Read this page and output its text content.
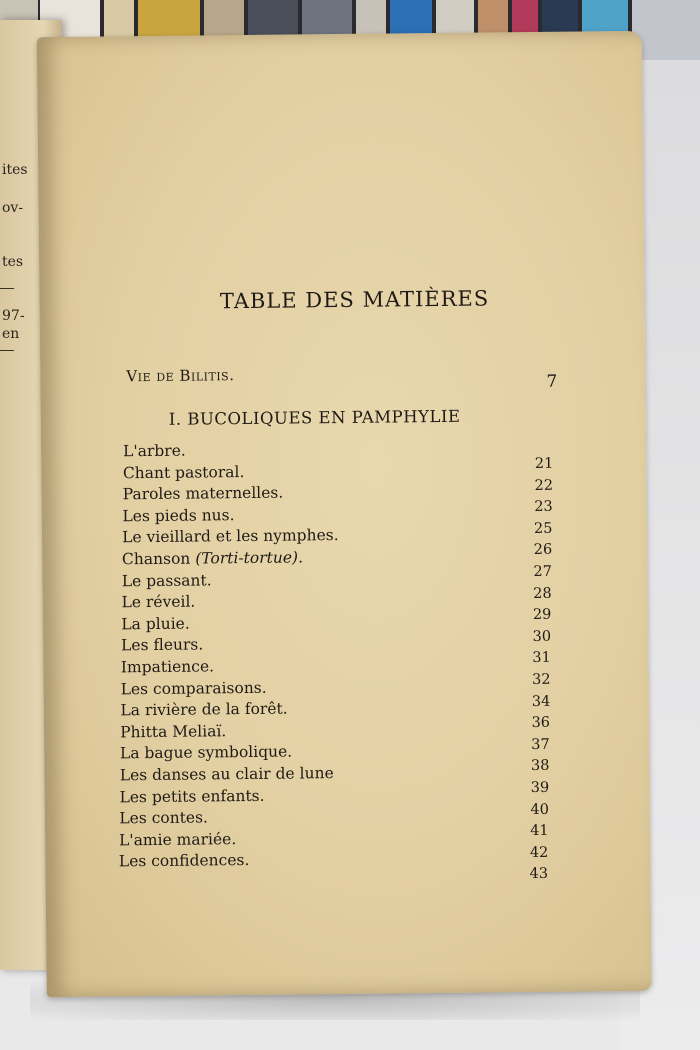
ites
ov-
tes
97-
en
TABLE DES MATIÈRES
Vie de Bilitis.	7
I. BUCOLIQUES EN PAMPHYLIE
L'arbre.
Chant pastoral.
Paroles maternelles.
Les pieds nus.
Le vieillard et les nymphes.
Chanson (Torti-tortue).
Le passant.
Le réveil.
La pluie.
Les fleurs.
Impatience.
Les comparaisons.
La rivière de la forêt.
Phitta Meliaï.
La bague symbolique.
Les danses au clair de lune
Les petits enfants.
Les contes.
L'amie mariée.
Les confidences.
21
22
23
25
26
27
28
29
30
31
32
34
36
37
38
39
40
41
42
43
